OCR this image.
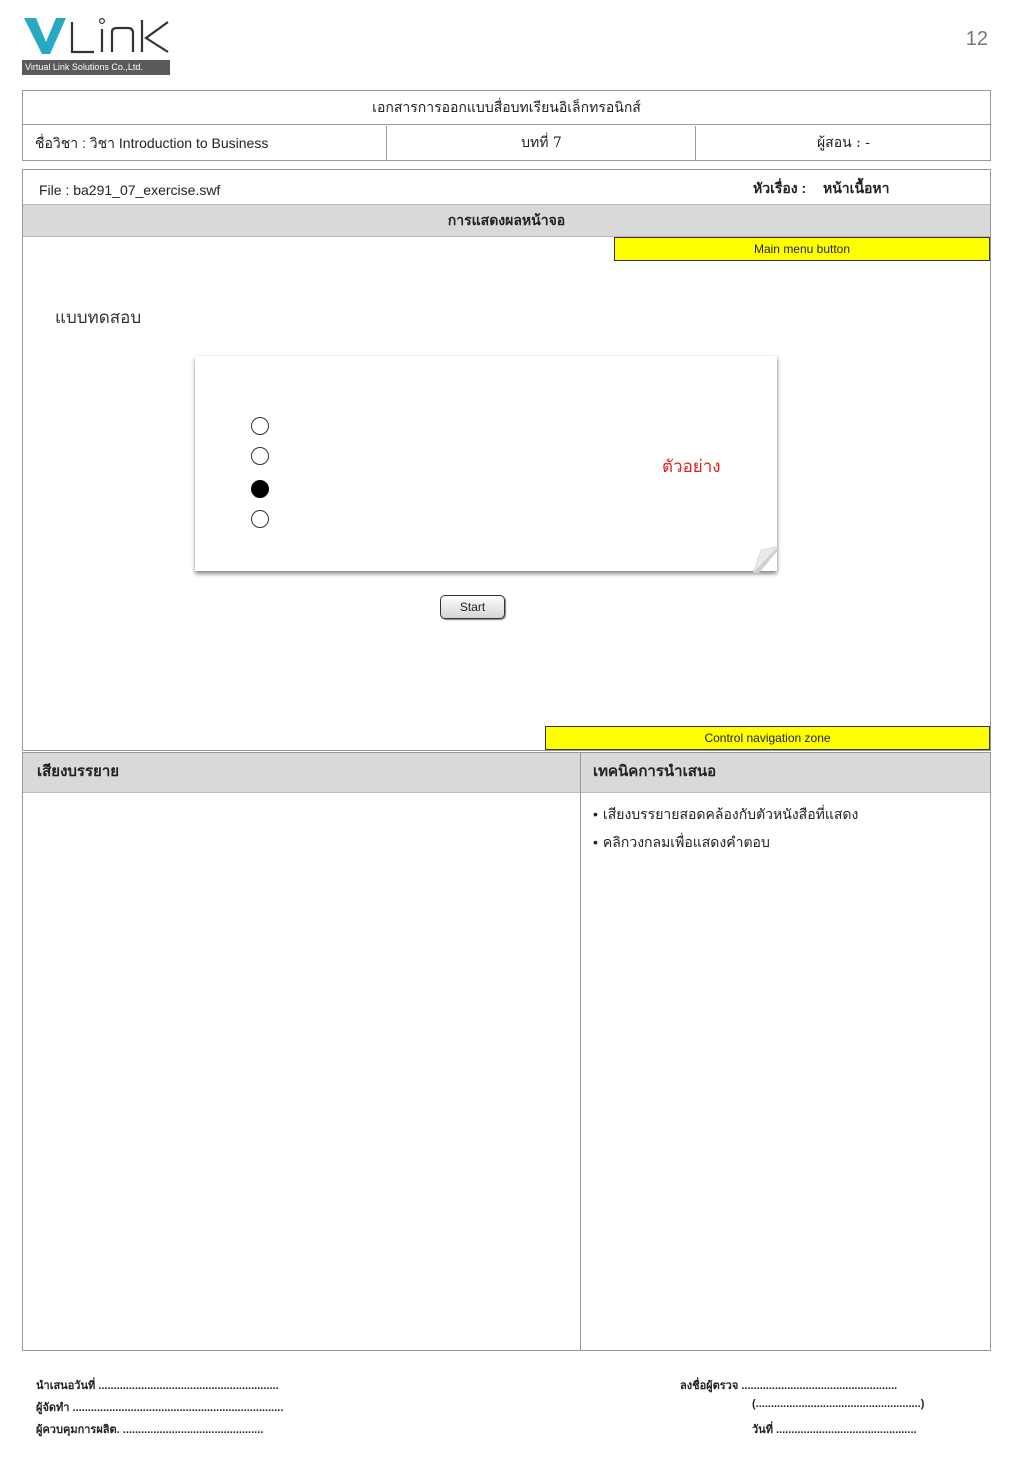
Virtual Link Solutions Co.,Ltd.
12
เอกสารการออกแบบสื่อบทเรียนอิเล็กทรอนิกส์
ชื่อวิชา : วิชา Introduction to Business	บทที่ 7	ผู้สอน : -
File : ba291_07_exercise.swf	หัวเรื่อง : หน้าเนื้อหา
การแสดงผลหน้าจอ
Main menu button
แบบทดสอบ
ตัวอย่าง
Start
Control navigation zone
เสียงบรรยาย	เทคนิคการนำเสนอ
• เสียงบรรยายสอดคล้องกับตัวหนังสือที่แสดง
• คลิกวงกลมเพื่อแสดงคำตอบ
นำเสนอวันที่ ...........................................................
ผู้จัดทำ .....................................................................
ผู้ควบคุมการผลิต. ..............................................
ลงชื่อผู้ตรวจ ...................................................
(......................................................)
วันที่ ..............................................
